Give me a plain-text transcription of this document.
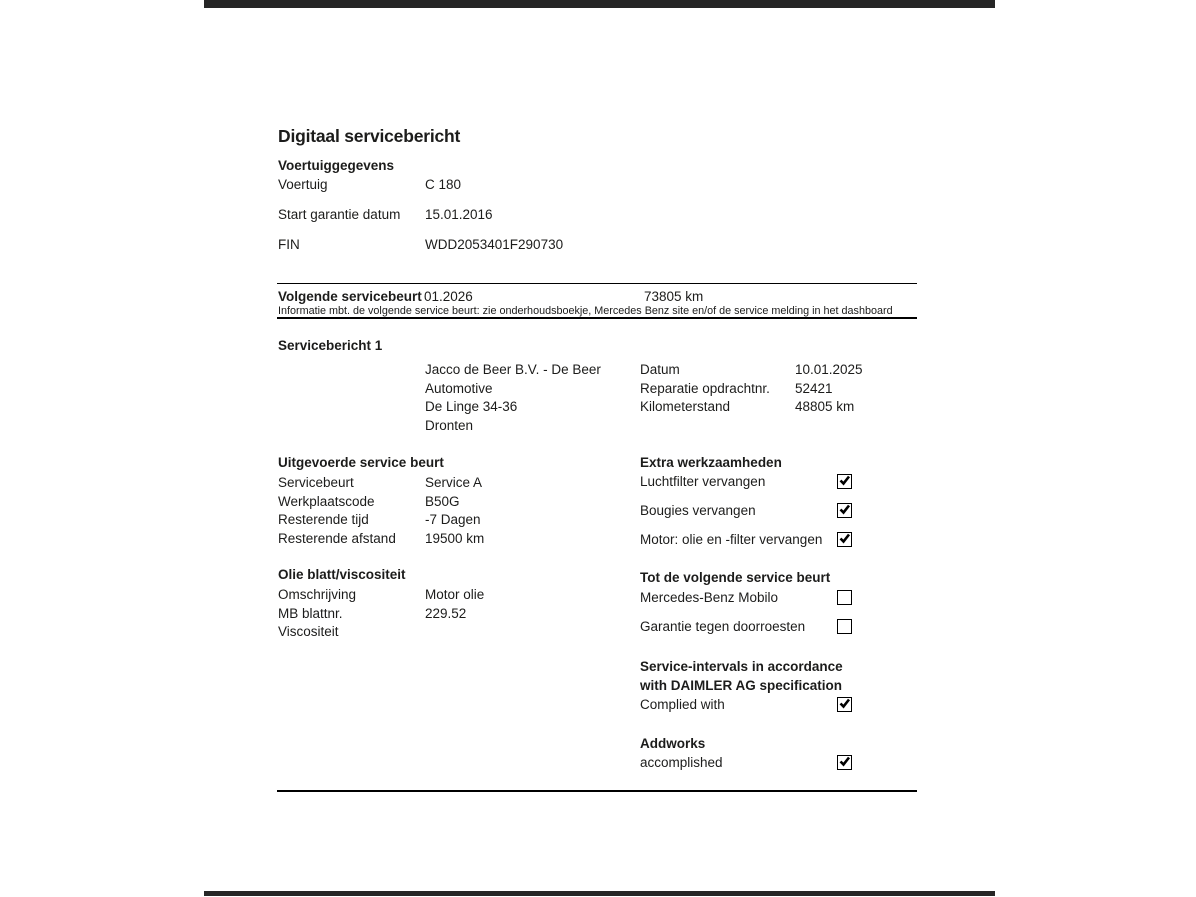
Digitaal servicebericht
Voertuiggegevens
Voertuig	C 180
Start garantie datum	15.01.2016
FIN	WDD2053401F290730
Volgende servicebeurt 01.2026	73805 km
Informatie mbt. de volgende service beurt: zie onderhoudsboekje, Mercedes Benz site en/of de service melding in het dashboard
Servicebericht 1
Jacco de Beer B.V. - De Beer
Automotive
De Linge 34-36
Dronten
Datum	10.01.2025
Reparatie opdrachtnr.	52421
Kilometerstand	48805 km
Uitgevoerde service beurt
Servicebeurt	Service A
Werkplaatscode	B50G
Resterende tijd	-7 Dagen
Resterende afstand	19500 km
Extra werkzaamheden
Luchtfilter vervangen
Bougies vervangen
Motor: olie en -filter vervangen
Olie blatt/viscositeit
Omschrijving	Motor olie
MB blattnr.	229.52
Viscositeit
Tot de volgende service beurt
Mercedes-Benz Mobilo
Garantie tegen doorroesten
Service-intervals in accordance with DAIMLER AG specification
Complied with
Addworks
accomplished
